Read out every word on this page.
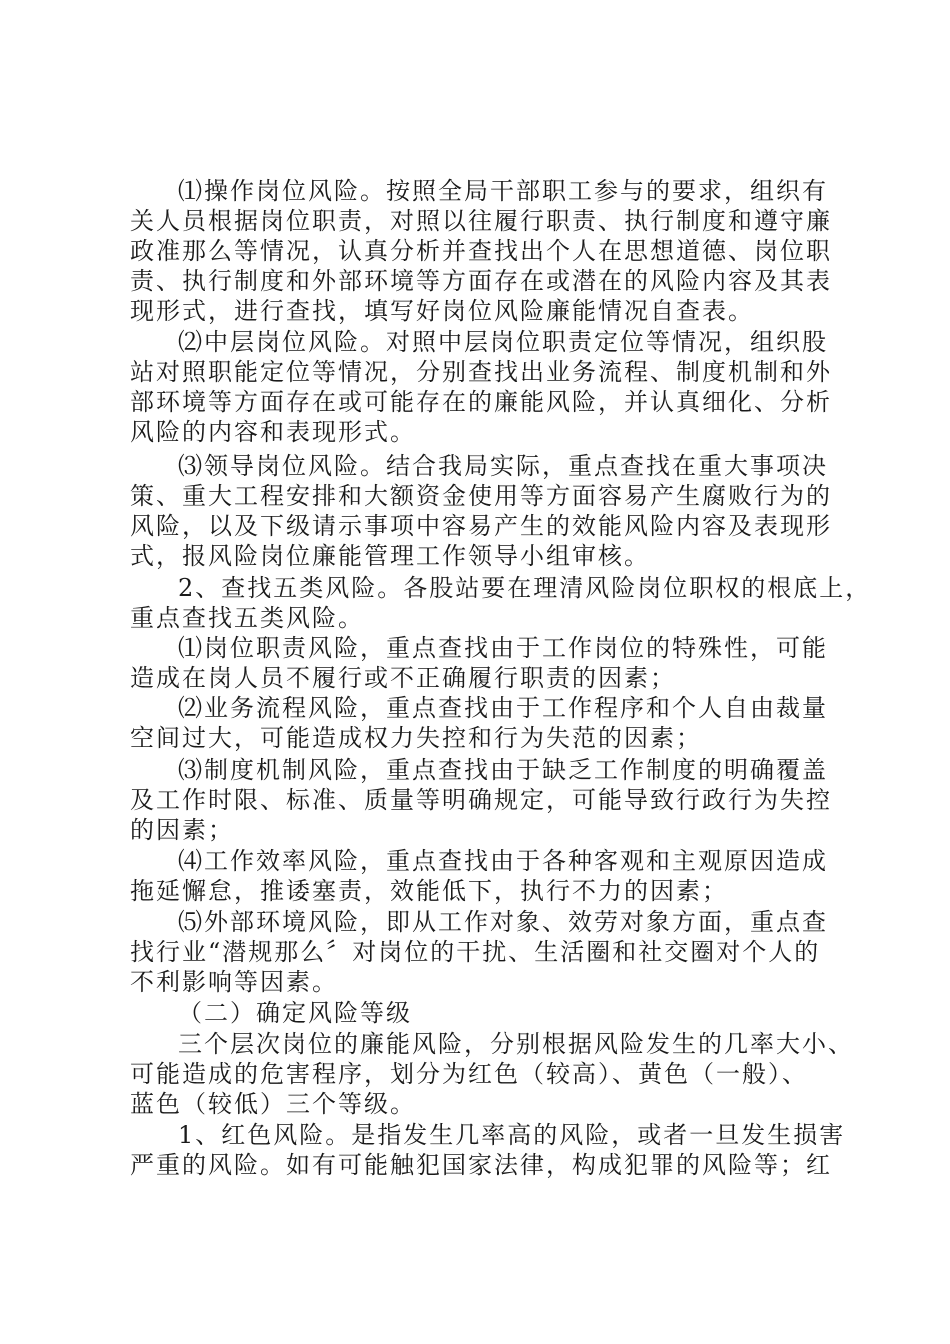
⑴操作岗位风险。按照全局干部职工参与的要求，组织有
关人员根据岗位职责，对照以往履行职责、执行制度和遵守廉
政准那么等情况，认真分析并查找出个人在思想道德、岗位职
责、执行制度和外部环境等方面存在或潜在的风险内容及其表
现形式，进行查找，填写好岗位风险廉能情况自查表。
⑵中层岗位风险。对照中层岗位职责定位等情况，组织股
站对照职能定位等情况，分别查找出业务流程、制度机制和外
部环境等方面存在或可能存在的廉能风险，并认真细化、分析
风险的内容和表现形式。
⑶领导岗位风险。结合我局实际，重点查找在重大事项决
策、重大工程安排和大额资金使用等方面容易产生腐败行为的
风险，以及下级请示事项中容易产生的效能风险内容及表现形
式，报风险岗位廉能管理工作领导小组审核。
2、查找五类风险。各股站要在理清风险岗位职权的根底上，
重点查找五类风险。
⑴岗位职责风险，重点查找由于工作岗位的特殊性，可能
造成在岗人员不履行或不正确履行职责的因素；
⑵业务流程风险，重点查找由于工作程序和个人自由裁量
空间过大，可能造成权力失控和行为失范的因素；
⑶制度机制风险，重点查找由于缺乏工作制度的明确覆盖
及工作时限、标准、质量等明确规定，可能导致行政行为失控
的因素；
⑷工作效率风险，重点查找由于各种客观和主观原因造成
拖延懈怠，推诿塞责，效能低下，执行不力的因素；
⑸外部环境风险，即从工作对象、效劳对象方面，重点查
找行业“潜规那么〞对岗位的干扰、生活圈和社交圈对个人的
不利影响等因素。
（二）确定风险等级
三个层次岗位的廉能风险，分别根据风险发生的几率大小、
可能造成的危害程序，划分为红色（较高）、黄色（一般）、
蓝色（较低）三个等级。
1、红色风险。是指发生几率高的风险，或者一旦发生损害
严重的风险。如有可能触犯国家法律，构成犯罪的风险等；红
